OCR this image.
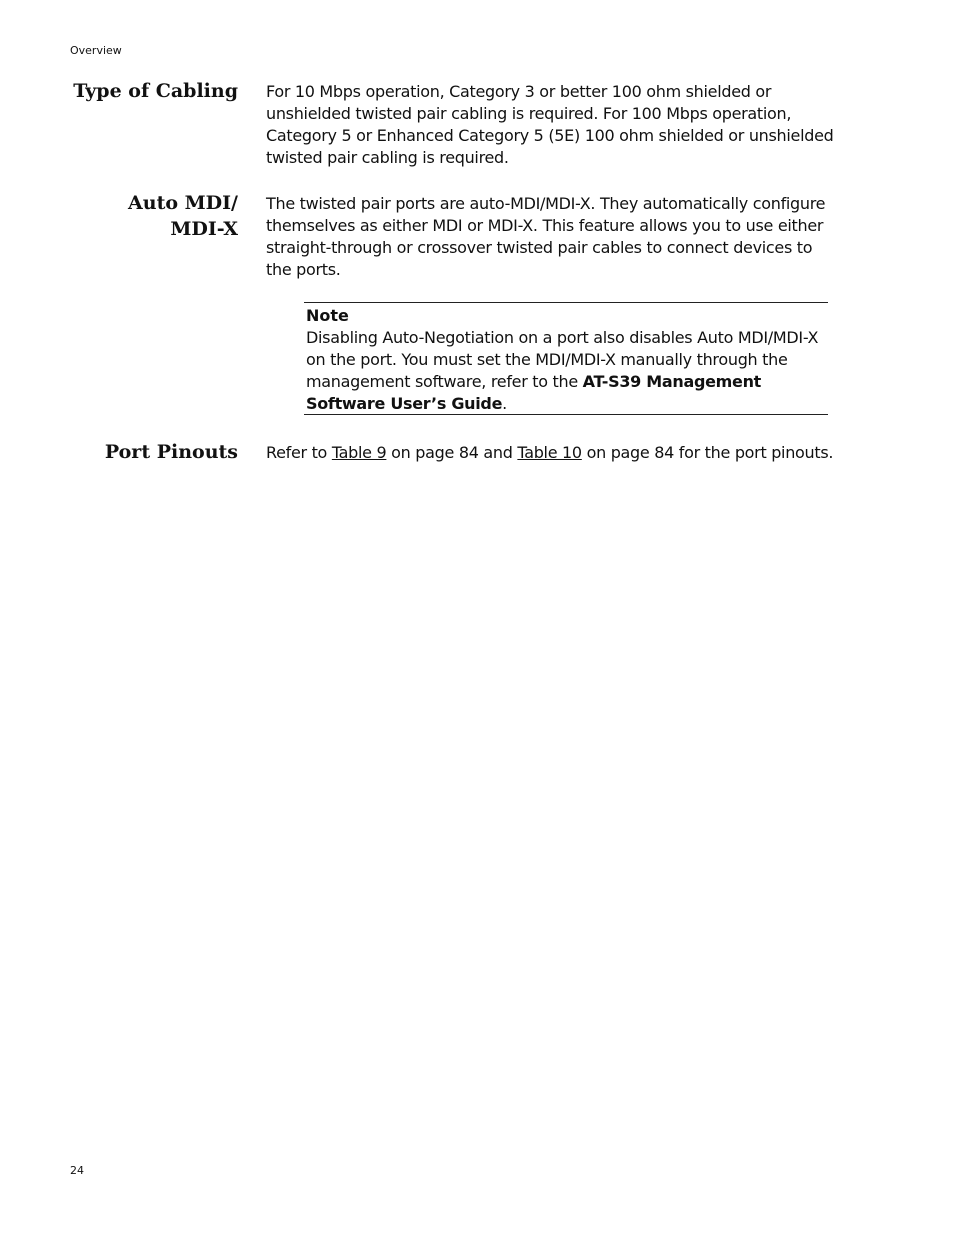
Overview
Type of Cabling For 10 Mbps operation, Category 3 or better 100 ohm shielded or unshielded twisted pair cabling is required. For 100 Mbps operation, Category 5 or Enhanced Category 5 (5E) 100 ohm shielded or unshielded twisted pair cabling is required.

Auto MDI/
MDI-X

The twisted pair ports are auto-MDI/MDI-X. They automatically configure themselves as either MDI or MDI-X. This feature allows you to use either straight-through or crossover twisted pair cables to connect devices to the ports.

Note

Disabling Auto-Negotiation on a port also disables Auto MDI/MDI-X on the port. You must set the MDI/MDI-X manually through the management software, refer to the AT-S39 Management Software User’s Guide.

Port Pinouts Refer to Table 9 on page 84 and Table 10 on page 84 for the port pinouts.

24
